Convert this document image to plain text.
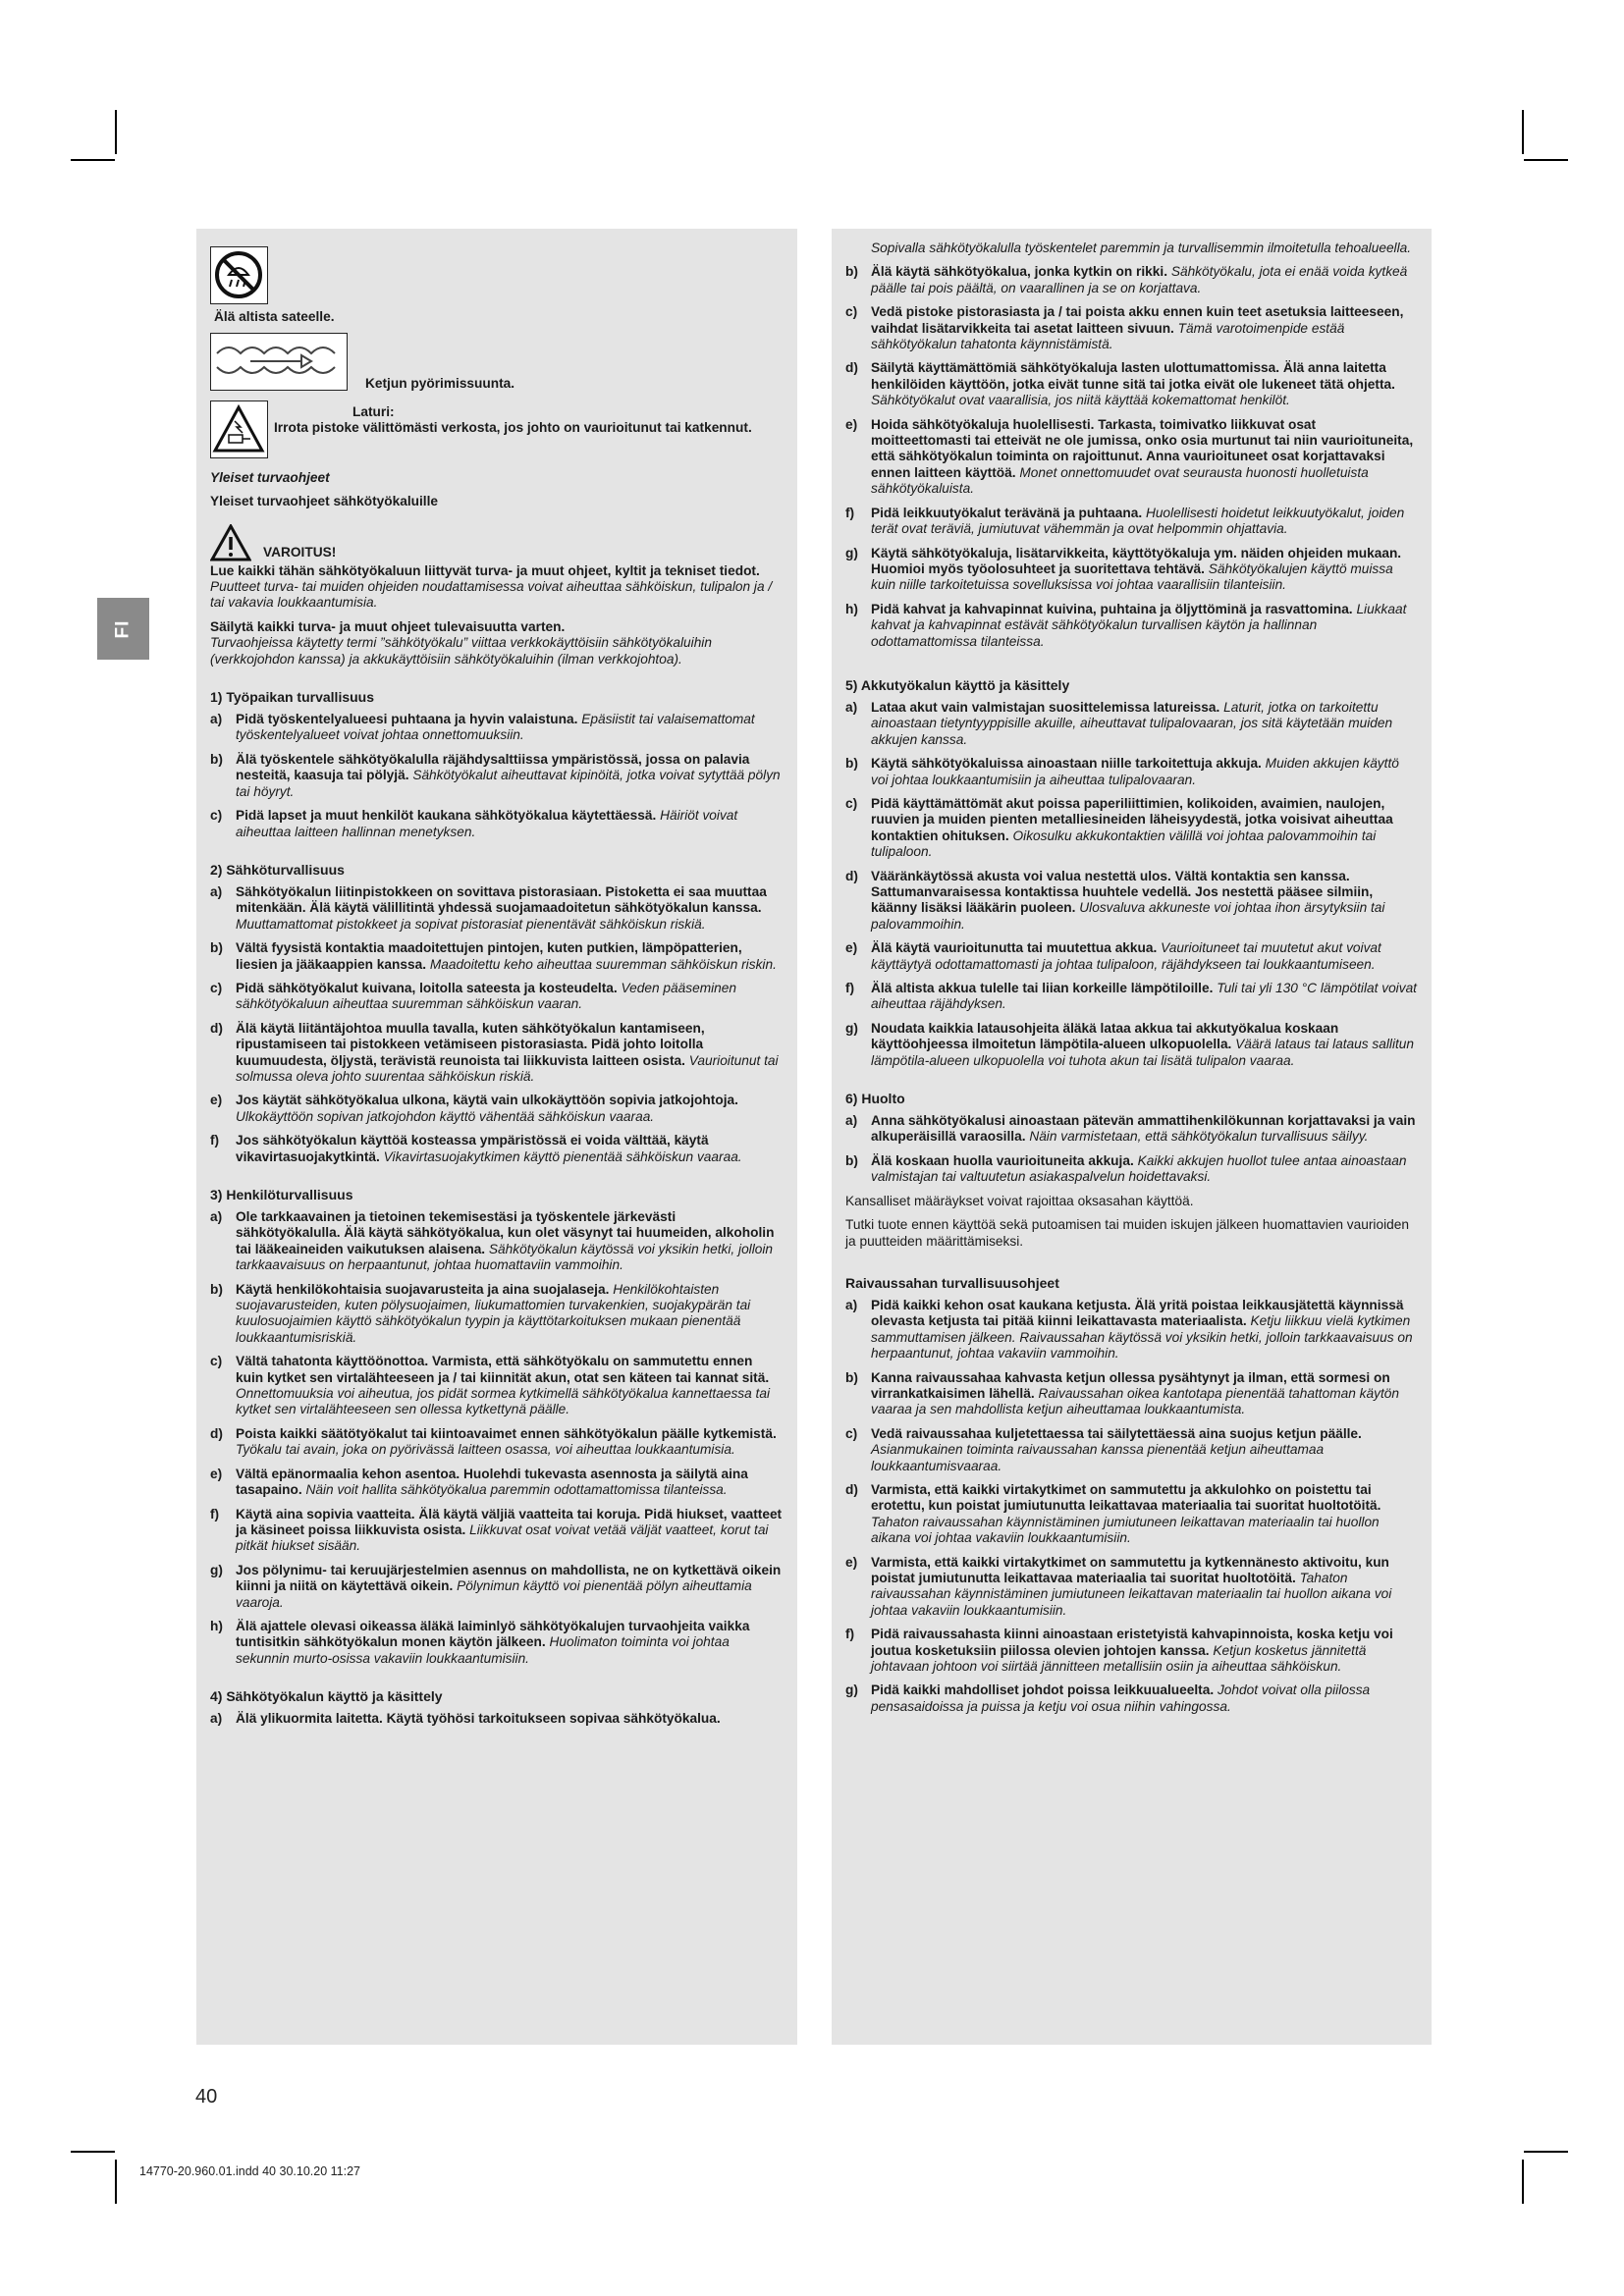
FI
Älä altista sateelle.
Ketjun pyörimissuunta.
Laturi:
Irrota pistoke välittömästi verkosta, jos johto on vaurioitunut tai katkennut.
Yleiset turvaohjeet
Yleiset turvaohjeet sähkötyökaluille
VAROITUS!
Lue kaikki tähän sähkötyökaluun liittyvät turva- ja muut ohjeet, kyltit ja tekniset tiedot. Puutteet turva- tai muiden ohjeiden noudattamisessa voivat aiheuttaa sähköiskun, tulipalon ja / tai vakavia loukkaantumisia.
Säilytä kaikki turva- ja muut ohjeet tulevaisuutta varten.
Turvaohjeissa käytetty termi ”sähkötyökalu” viittaa verkkokäyttöisiin sähkötyökaluihin (verkkojohdon kanssa) ja akkukäyttöisiin sähkötyökaluihin (ilman verkkojohtoa).
1) Työpaikan turvallisuus
a) Pidä työskentelyalueesi puhtaana ja hyvin valaistuna. Epäsiistit tai valaisemattomat työskentelyalueet voivat johtaa onnettomuuksiin.
b) Älä työskentele sähkötyökalulla räjähdysalttiissa ympäristössä, jossa on palavia nesteitä, kaasuja tai pölyjä. Sähkötyökalut aiheuttavat kipinöitä, jotka voivat sytyttää pölyn tai höyryt.
c) Pidä lapset ja muut henkilöt kaukana sähkötyökalua käytettäessä. Häiriöt voivat aiheuttaa laitteen hallinnan menetyksen.
2) Sähköturvallisuus
a) Sähkötyökalun liitinpistokkeen on sovittava pistorasiaan. Pistoketta ei saa muuttaa mitenkään. Älä käytä välillitintä yhdessä suojamaadoitetun sähkötyökalun kanssa. Muuttamattomat pistokkeet ja sopivat pistorasiat pienentävät sähköiskun riskiä.
b) Vältä fyysistä kontaktia maadoitettujen pintojen, kuten putkien, lämpöpatterien, liesien ja jääkaappien kanssa. Maadoitettu keho aiheuttaa suuremman sähköiskun riskin.
c) Pidä sähkötyökalut kuivana, loitolla sateesta ja kosteudelta. Veden pääseminen sähkötyökaluun aiheuttaa suuremman sähköiskun vaaran.
d) Älä käytä liitäntäjohtoa muulla tavalla, kuten sähkötyökalun kantamiseen, ripustamiseen tai pistokkeen vetämiseen pistorasiasta. Pidä johto loitolla kuumuudesta, öljystä, terävistä reunoista tai liikkuvista laitteen osista. Vaurioitunut tai solmussa oleva johto suurentaa sähköiskun riskiä.
e) Jos käytät sähkötyökalua ulkona, käytä vain ulkokäyttöön sopivia jatkojohtoja. Ulkokäyttöön sopivan jatkojohdon käyttö vähentää sähköiskun vaaraa.
f) Jos sähkötyökalun käyttöä kosteassa ympäristössä ei voida välttää, käytä vikavirtasuojakytkintä. Vikavirtasuojakytkimen käyttö pienentää sähköiskun vaaraa.
3) Henkilöturvallisuus
a) Ole tarkkaavainen ja tietoinen tekemisestäsi ja työskentele järkevästi sähkötyökalulla. Älä käytä sähkötyökalua, kun olet väsynyt tai huumeiden, alkoholin tai lääkeaineiden vaikutuksen alaisena. Sähkötyökalun käytössä voi yksikin hetki, jolloin tarkkaavaisuus on herpaantunut, johtaa huomattaviin vammoihin.
b) Käytä henkilökohtaisia suojavarusteita ja aina suojalaseja. Henkilökohtaisten suojavarusteiden, kuten pölysuojaimen, liukumattomien turvakenkien, suojakypärän tai kuulosuojaimien käyttö sähkötyökalun tyypin ja käyttötarkoituksen mukaan pienentää loukkaantumisriskiä.
c) Vältä tahatonta käyttöönottoa. Varmista, että sähkötyökalu on sammutettu ennen kuin kytket sen virtalähteeseen ja / tai kiinnität akun, otat sen käteen tai kannat sitä. Onnettomuuksia voi aiheutua, jos pidät sormea kytkimellä sähkötyökalua kannettaessa tai kytket sen virtalähteeseen sen ollessa kytkettynä päälle.
d) Poista kaikki säätötyökalut tai kiintoavaimet ennen sähkötyökalun päälle kytkemistä. Työkalu tai avain, joka on pyörivässä laitteen osassa, voi aiheuttaa loukkaantumisia.
e) Vältä epänormaalia kehon asentoa. Huolehdi tukevasta asennosta ja säilytä aina tasapaino. Näin voit hallita sähkötyökalua paremmin odottamattomissa tilanteissa.
f) Käytä aina sopivia vaatteita. Älä käytä väljiä vaatteita tai koruja. Pidä hiukset, vaatteet ja käsineet poissa liikkuvista osista. Liikkuvat osat voivat vetää väljät vaatteet, korut tai pitkät hiukset sisään.
g) Jos pölynimu- tai keruujärjestelmien asennus on mahdollista, ne on kytkettävä oikein kiinni ja niitä on käytettävä oikein. Pölynimun käyttö voi pienentää pölyn aiheuttamia vaaroja.
h) Älä ajattele olevasi oikeassa äläkä laiminlyö sähkötyökalujen turvaohjeita vaikka tuntisitkin sähkötyökalun monen käytön jälkeen. Huolimaton toiminta voi johtaa sekunnin murto-osissa vakaviin loukkaantumisiin.
4) Sähkötyökalun käyttö ja käsittely
a) Älä ylikuormita laitetta. Käytä työhösi tarkoitukseen sopivaa sähkötyökalua.
Sopivalla sähkötyökalulla työskentelet paremmin ja turvallisemmin ilmoitetulla tehoalueella.
b) Älä käytä sähkötyökalua, jonka kytkin on rikki. Sähkötyökalu, jota ei enää voida kytkeä päälle tai pois päältä, on vaarallinen ja se on korjattava.
c) Vedä pistoke pistorasiasta ja / tai poista akku ennen kuin teet asetuksia laitteeseen, vaihdat lisätarvikkeita tai asetat laitteen sivuun. Tämä varotoimenpide estää sähkötyökalun tahatonta käynnistämistä.
d) Säilytä käyttämättömiä sähkötyökaluja lasten ulottumattomissa. Älä anna laitetta henkilöiden käyttöön, jotka eivät tunne sitä tai jotka eivät ole lukeneet tätä ohjetta. Sähkötyökalut ovat vaarallisia, jos niitä käyttää kokemattomat henkilöt.
e) Hoida sähkötyökaluja huolellisesti. Tarkasta, toimivatko liikkuvat osat moitteettomasti tai etteivät ne ole jumissa, onko osia murtunut tai niin vaurioituneita, että sähkötyökalun toiminta on rajoittunut. Anna vaurioituneet osat korjattavaksi ennen laitteen käyttöä. Monet onnettomuudet ovat seurausta huonosti huolletuista sähkötyökaluista.
f) Pidä leikkuutyökalut terävänä ja puhtaana. Huolellisesti hoidetut leikkuutyökalut, joiden terät ovat teräviä, jumiutuvat vähemmän ja ovat helpommin ohjattavia.
g) Käytä sähkötyökaluja, lisätarvikkeita, käyttötyökaluja ym. näiden ohjeiden mukaan. Huomioi myös työolosuhteet ja suoritettava tehtävä. Sähkötyökalujen käyttö muissa kuin niille tarkoitetuissa sovelluksissa voi johtaa vaarallisiin tilanteisiin.
h) Pidä kahvat ja kahvapinnat kuivina, puhtaina ja öljyttöminä ja rasvattomina. Liukkaat kahvat ja kahvapinnat estävät sähkötyökalun turvallisen käytön ja hallinnan odottamattomissa tilanteissa.
5) Akkutyökalun käyttö ja käsittely
a) Lataa akut vain valmistajan suosittelemissa latureissa. Laturit, jotka on tarkoitettu ainoastaan tietyntyyppisille akuille, aiheuttavat tulipalovaaran, jos sitä käytetään muiden akkujen kanssa.
b) Käytä sähkötyökaluissa ainoastaan niille tarkoitettuja akkuja. Muiden akkujen käyttö voi johtaa loukkaantumisiin ja aiheuttaa tulipalovaaran.
c) Pidä käyttämättömät akut poissa paperiliittimien, kolikoiden, avaimien, naulojen, ruuvien ja muiden pienten metalliesineiden läheisyydestä, jotka voisivat aiheuttaa kontaktien ohituksen. Oikosulku akkukontaktien välillä voi johtaa palovammoihin tai tulipaloon.
d) Vääränkäytössä akusta voi valua nestettä ulos. Vältä kontaktia sen kanssa. Sattumanvaraisessa kontaktissa huuhtele vedellä. Jos nestettä pääsee silmiin, käänny lisäksi lääkärin puoleen. Ulosvaluva akkuneste voi johtaa ihon ärsytyksiin tai palovammoihin.
e) Älä käytä vaurioitunutta tai muutettua akkua. Vaurioituneet tai muutetut akut voivat käyttäytyä odottamattomasti ja johtaa tulipaloon, räjähdykseen tai loukkaantumiseen.
f) Älä altista akkua tulelle tai liian korkeille lämpötiloille. Tuli tai yli 130 °C lämpötilat voivat aiheuttaa räjähdyksen.
g) Noudata kaikkia latausohjeita äläkä lataa akkua tai akkutyökalua koskaan käyttöohjeessa ilmoitetun lämpötila-alueen ulkopuolella. Väärä lataus tai lataus sallitun lämpötila-alueen ulkopuolella voi tuhota akun tai lisätä tulipalon vaaraa.
6) Huolto
a) Anna sähkötyökalusi ainoastaan pätevän ammattihenkilökunnan korjattavaksi ja vain alkuperäisillä varaosilla. Näin varmistetaan, että sähkötyökalun turvallisuus säilyy.
b) Älä koskaan huolla vaurioituneita akkuja. Kaikki akkujen huollot tulee antaa ainoastaan valmistajan tai valtuutetun asiakaspalvelun hoidettavaksi.
Kansalliset määräykset voivat rajoittaa oksasahan käyttöä.
Tutki tuote ennen käyttöä sekä putoamisen tai muiden iskujen jälkeen huomattavien vaurioiden ja puutteiden määrittämiseksi.
Raivaussahan turvallisuusohjeet
a) Pidä kaikki kehon osat kaukana ketjusta. Älä yritä poistaa leikkausjätettä käynnissä olevasta ketjusta tai pitää kiinni leikattavasta materiaalista. Ketju liikkuu vielä kytkimen sammuttamisen jälkeen. Raivaussahan käytössä voi yksikin hetki, jolloin tarkkaavaisuus on herpaantunut, johtaa vakaviin vammoihin.
b) Kanna raivaussahaa kahvasta ketjun ollessa pysähtynyt ja ilman, että sormesi on virrankatkaisimen lähellä. Raivaussahan oikea kantotapa pienentää tahattoman käytön vaaraa ja sen mahdollista ketjun aiheuttamaa loukkaantumista.
c) Vedä raivaussahaa kuljetettaessa tai säilytettäessä aina suojus ketjun päälle. Asianmukainen toiminta raivaussahan kanssa pienentää ketjun aiheuttamaa loukkaantumisvaaraa.
d) Varmista, että kaikki virtakytkimet on sammutettu ja akkulohko on poistettu tai erotettu, kun poistat jumiutunutta leikattavaa materiaalia tai suoritat huoltotöitä. Tahaton raivaussahan käynnistäminen jumiutuneen leikattavan materiaalin tai huollon aikana voi johtaa vakaviin loukkaantumisiin.
e) Varmista, että kaikki virtakytkimet on sammutettu ja kytkennänesto aktivoitu, kun poistat jumiutunutta leikattavaa materiaalia tai suoritat huoltotöitä. Tahaton raivaussahan käynnistäminen jumiutuneen leikattavan materiaalin tai huollon aikana voi johtaa vakaviin loukkaantumisiin.
f) Pidä raivaussahasta kiinni ainoastaan eristetyistä kahvapinnoista, koska ketju voi joutua kosketuksiin piilossa olevien johtojen kanssa. Ketjun kosketus jännitettä johtavaan johtoon voi siirtää jännitteen metallisiin osiin ja aiheuttaa sähköiskun.
g) Pidä kaikki mahdolliset johdot poissa leikkuualueelta. Johdot voivat olla piilossa pensasaidoissa ja puissa ja ketju voi osua niihin vahingossa.
40
14770-20.960.01.indd 40 30.10.20 11:27
